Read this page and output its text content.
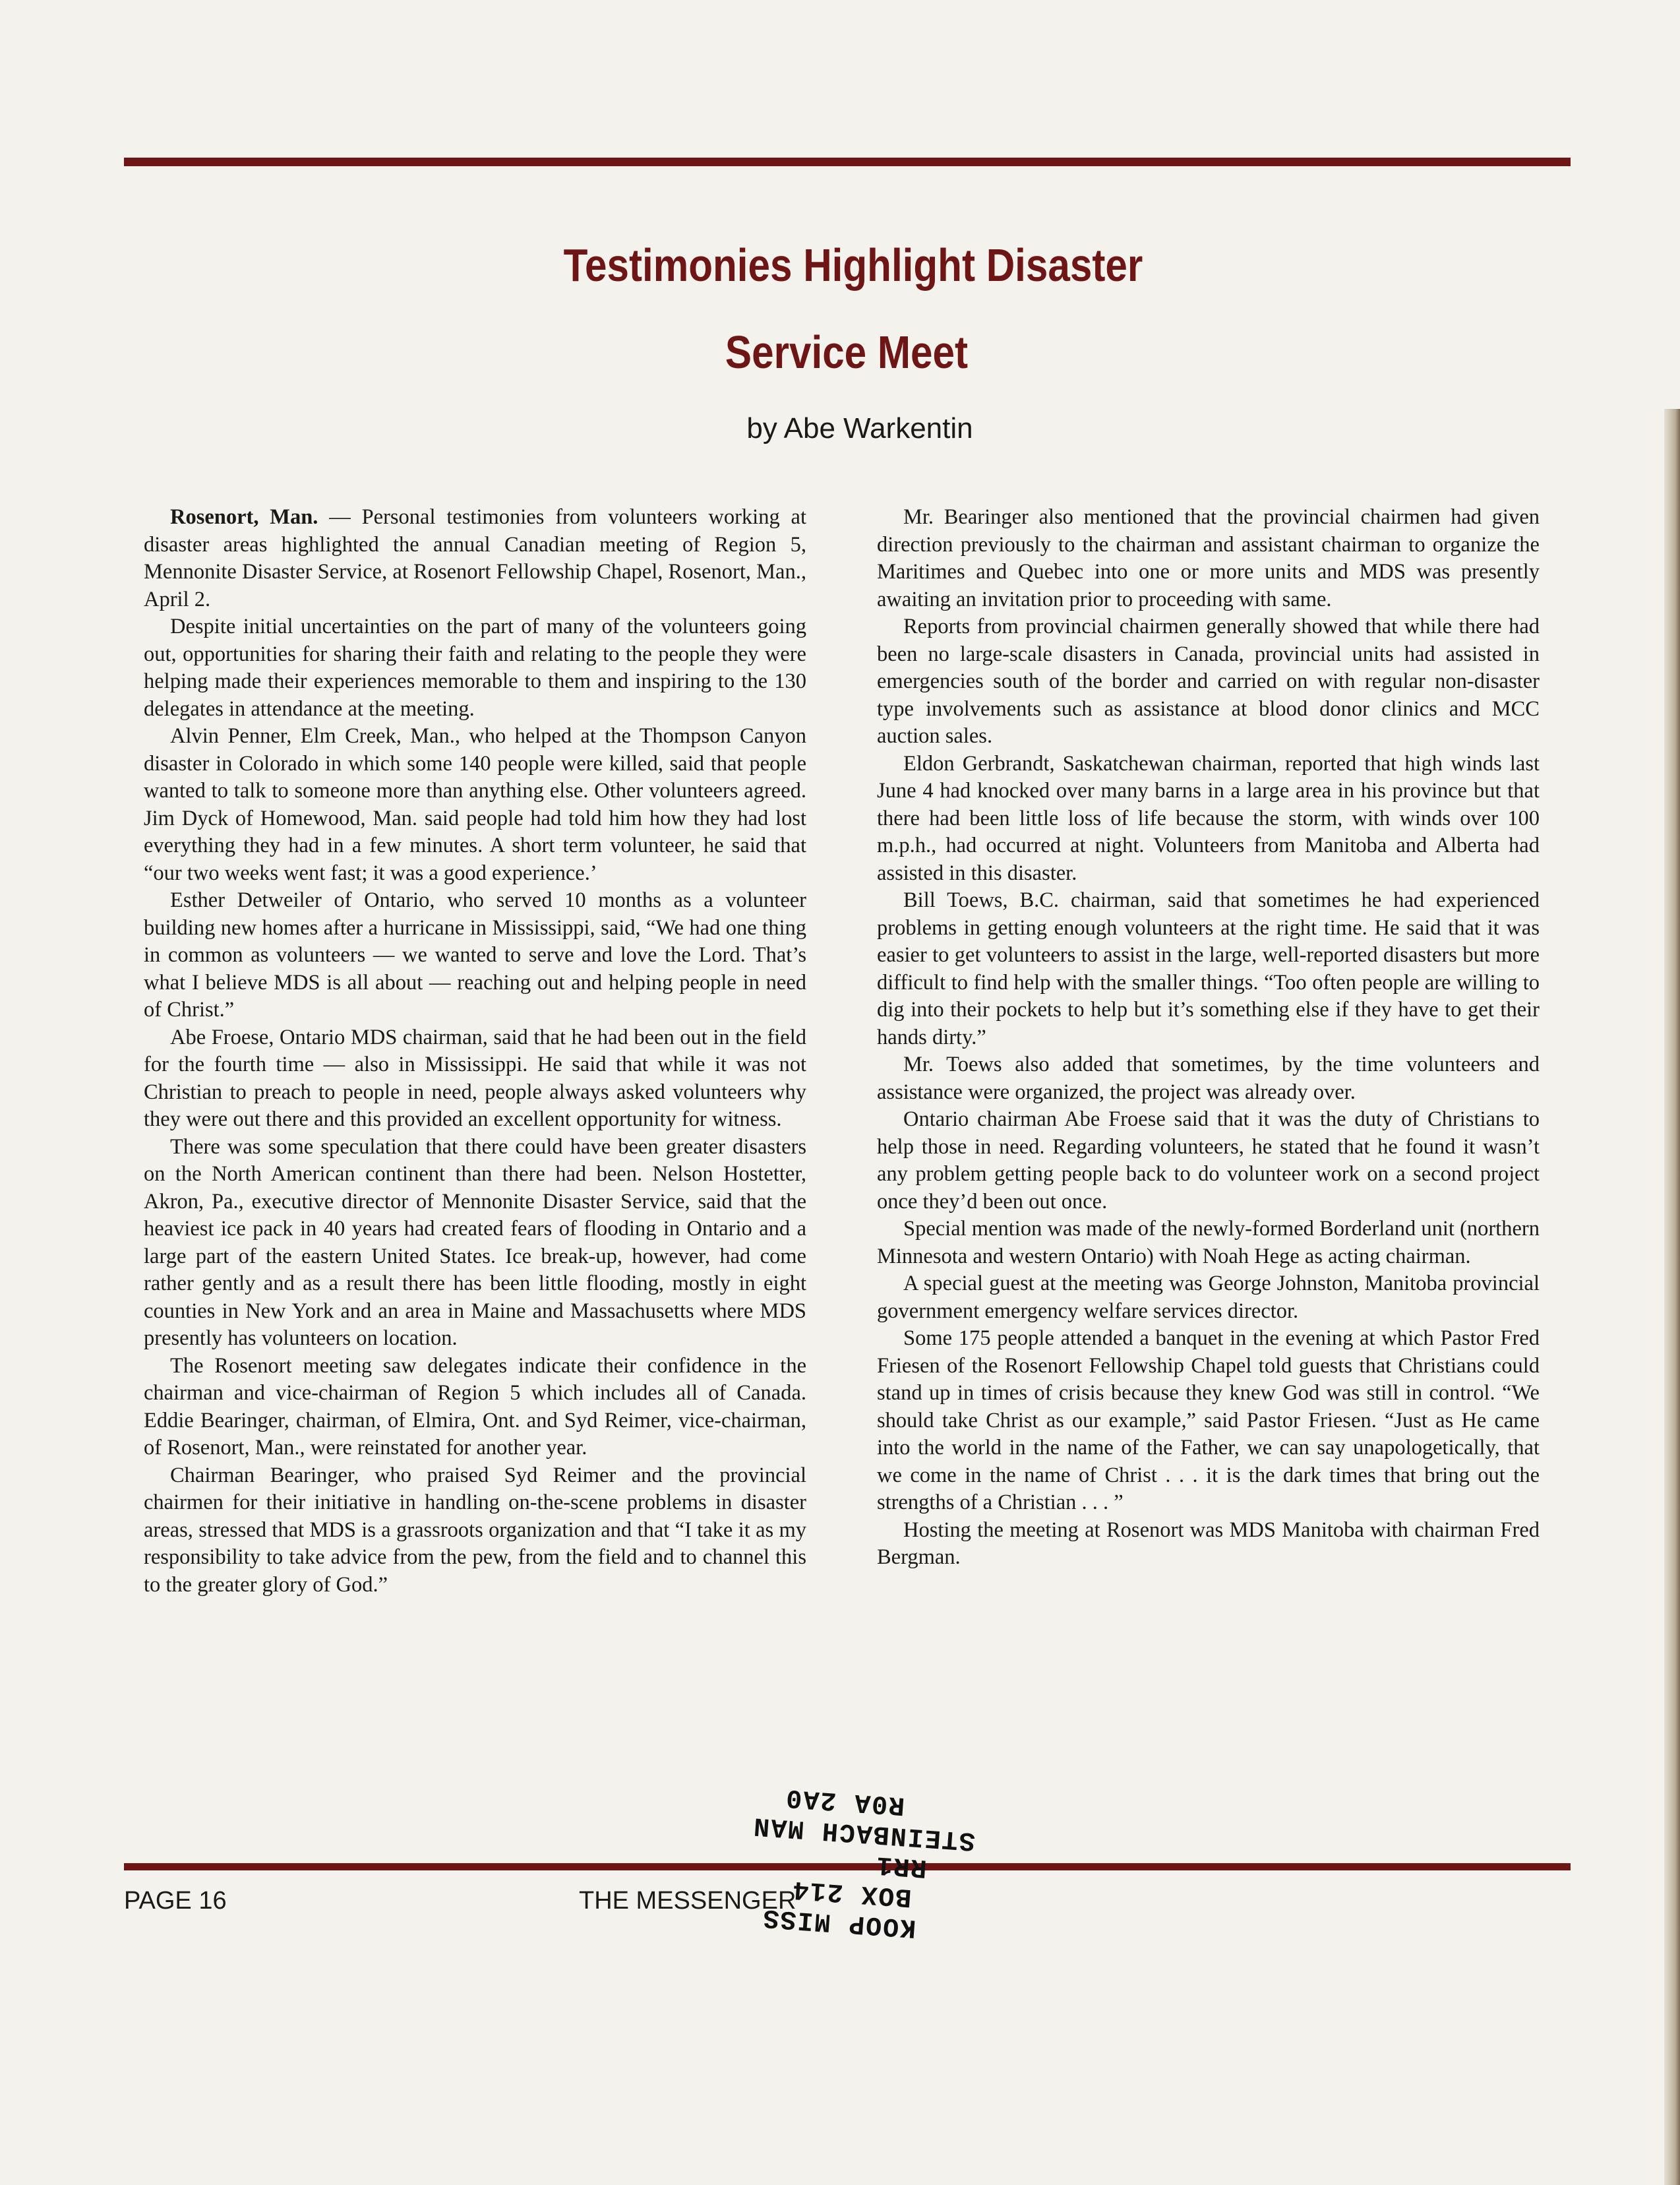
Testimonies Highlight Disaster
Service Meet
by Abe Warkentin

Rosenort, Man. — Personal testimonies from volunteers working at disaster areas highlighted the annual Canadian meeting of Region 5, Mennonite Disaster Service, at Rosenort Fellowship Chapel, Rosenort, Man., April 2.

Despite initial uncertainties on the part of many of the volunteers going out, opportunities for sharing their faith and relating to the people they were helping made their experiences memorable to them and inspiring to the 130 delegates in attendance at the meeting.

Alvin Penner, Elm Creek, Man., who helped at the Thompson Canyon disaster in Colorado in which some 140 people were killed, said that people wanted to talk to someone more than anything else. Other volunteers agreed. Jim Dyck of Homewood, Man. said people had told him how they had lost everything they had in a few minutes. A short term volunteer, he said that “our two weeks went fast; it was a good experience.’

Esther Detweiler of Ontario, who served 10 months as a volunteer building new homes after a hurricane in Mississippi, said, “We had one thing in common as volunteers — we wanted to serve and love the Lord. That’s what I believe MDS is all about — reaching out and helping people in need of Christ.”

Abe Froese, Ontario MDS chairman, said that he had been out in the field for the fourth time — also in Mississippi. He said that while it was not Christian to preach to people in need, people always asked volunteers why they were out there and this provided an excellent opportunity for witness.

There was some speculation that there could have been greater disasters on the North American continent than there had been. Nelson Hostetter, Akron, Pa., executive director of Mennonite Disaster Service, said that the heaviest ice pack in 40 years had created fears of flooding in Ontario and a large part of the eastern United States. Ice break-up, however, had come rather gently and as a result there has been little flooding, mostly in eight counties in New York and an area in Maine and Massachusetts where MDS presently has volunteers on location.

The Rosenort meeting saw delegates indicate their confidence in the chairman and vice-chairman of Region 5 which includes all of Canada. Eddie Bearinger, chairman, of Elmira, Ont. and Syd Reimer, vice-chairman, of Rosenort, Man., were reinstated for another year.

Chairman Bearinger, who praised Syd Reimer and the provincial chairmen for their initiative in handling on-the-scene problems in disaster areas, stressed that MDS is a grassroots organization and that “I take it as my responsibility to take advice from the pew, from the field and to channel this to the greater glory of God.”

Mr. Bearinger also mentioned that the provincial chairmen had given direction previously to the chairman and assistant chairman to organize the Maritimes and Quebec into one or more units and MDS was presently awaiting an invitation prior to proceeding with same.

Reports from provincial chairmen generally showed that while there had been no large-scale disasters in Canada, provincial units had assisted in emergencies south of the border and carried on with regular non-disaster type involvements such as assistance at blood donor clinics and MCC auction sales.

Eldon Gerbrandt, Saskatchewan chairman, reported that high winds last June 4 had knocked over many barns in a large area in his province but that there had been little loss of life because the storm, with winds over 100 m.p.h., had occurred at night. Volunteers from Manitoba and Alberta had assisted in this disaster.

Bill Toews, B.C. chairman, said that sometimes he had experienced problems in getting enough volunteers at the right time. He said that it was easier to get volunteers to assist in the large, well-reported disasters but more difficult to find help with the smaller things. “Too often people are willing to dig into their pockets to help but it’s something else if they have to get their hands dirty.”

Mr. Toews also added that sometimes, by the time volunteers and assistance were organized, the project was already over.

Ontario chairman Abe Froese said that it was the duty of Christians to help those in need. Regarding volunteers, he stated that he found it wasn’t any problem getting people back to do volunteer work on a second project once they’d been out once.

Special mention was made of the newly-formed Borderland unit (northern Minnesota and western Ontario) with Noah Hege as acting chairman.

A special guest at the meeting was George Johnston, Manitoba provincial government emergency welfare services director.

Some 175 people attended a banquet in the evening at which Pastor Fred Friesen of the Rosenort Fellowship Chapel told guests that Christians could stand up in times of crisis because they knew God was still in control. “We should take Christ as our example,” said Pastor Friesen. “Just as He came into the world in the name of the Father, we can say unapologetically, that we come in the name of Christ . . . it is the dark times that bring out the strengths of a Christian . . . ”

Hosting the meeting at Rosenort was MDS Manitoba with chairman Fred Bergman.

PAGE 16	THE MESSENGER
KOOP MISS
BOX 214
RR1
STEINBACH MAN
R0A 2A0
